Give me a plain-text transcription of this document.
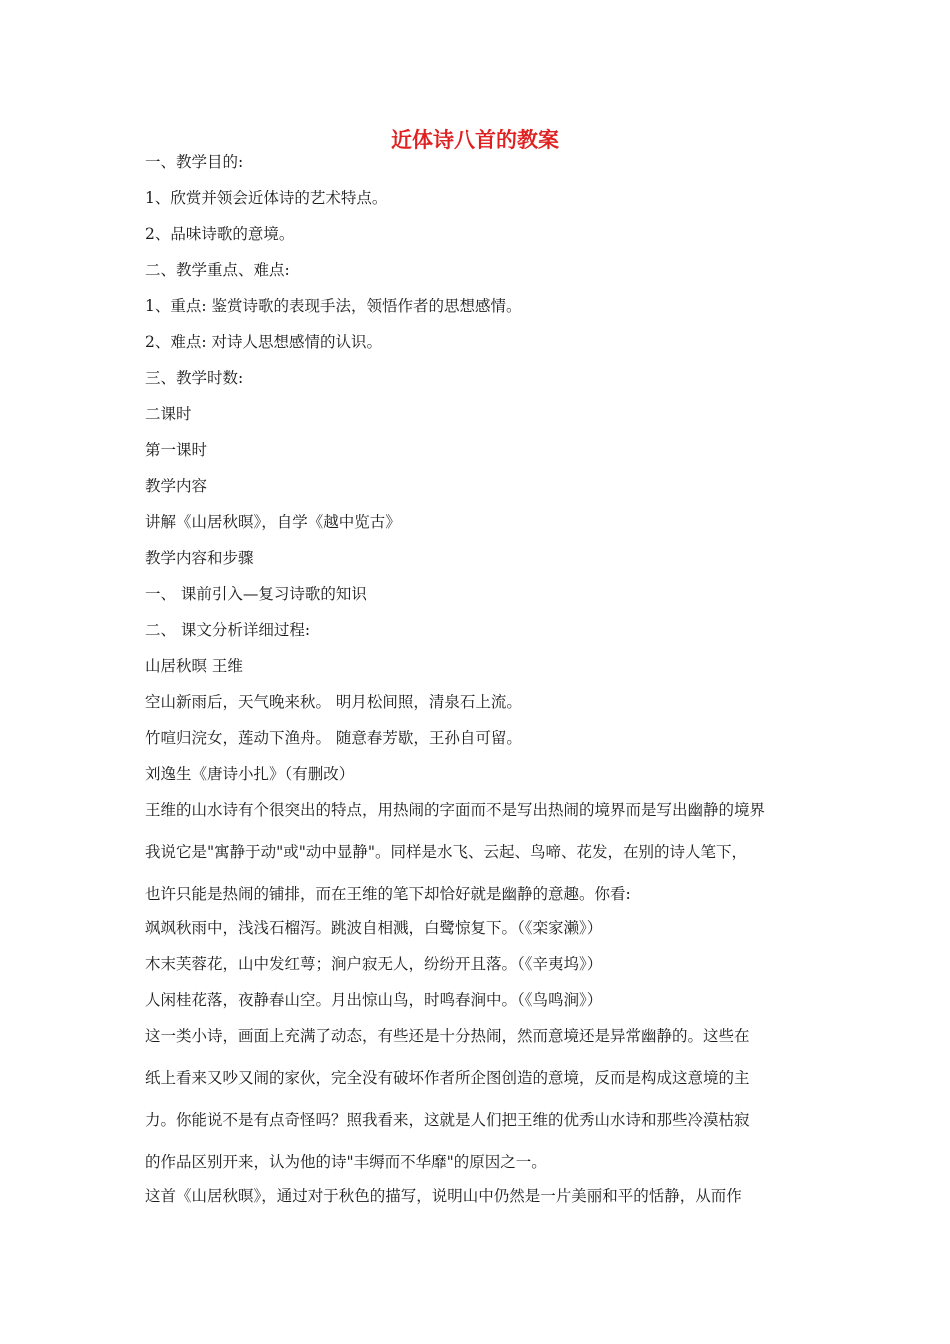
近体诗八首的教案
一、教学目的:
1、欣赏并领会近体诗的艺术特点。
2、品味诗歌的意境。
二、教学重点、难点:
1、重点: 鉴赏诗歌的表现手法，领悟作者的思想感情。
2、难点: 对诗人思想感情的认识。
三、教学时数:
二课时
第一课时
教学内容
讲解《山居秋暝》，自学《越中览古》
教学内容和步骤
一、 课前引入—复习诗歌的知识
二、 课文分析详细过程:
山居秋暝 王维
空山新雨后，天气晚来秋。 明月松间照，清泉石上流。
竹喧归浣女，莲动下渔舟。 随意春芳歇，王孙自可留。
刘逸生《唐诗小扎》（有删改）
王维的山水诗有个很突出的特点，用热闹的字面而不是写出热闹的境界而是写出幽静的境界
我说它是"寓静于动"或"动中显静"。同样是水飞、云起、鸟啼、花发，在别的诗人笔下，
也许只能是热闹的铺排，而在王维的笔下却恰好就是幽静的意趣。你看:
飒飒秋雨中，浅浅石榴泻。跳波自相溅，白鹭惊复下。（《栾家濑》）
木末芙蓉花，山中发红萼；涧户寂无人，纷纷开且落。（《辛夷坞》）
人闲桂花落，夜静春山空。月出惊山鸟，时鸣春涧中。（《鸟鸣涧》）
这一类小诗，画面上充满了动态，有些还是十分热闹，然而意境还是异常幽静的。这些在
纸上看来又吵又闹的家伙，完全没有破坏作者所企图创造的意境，反而是构成这意境的主
力。你能说不是有点奇怪吗？照我看来，这就是人们把王维的优秀山水诗和那些冷漠枯寂
的作品区别开来，认为他的诗"丰缛而不华靡"的原因之一。
这首《山居秋暝》，通过对于秋色的描写，说明山中仍然是一片美丽和平的恬静，从而作
